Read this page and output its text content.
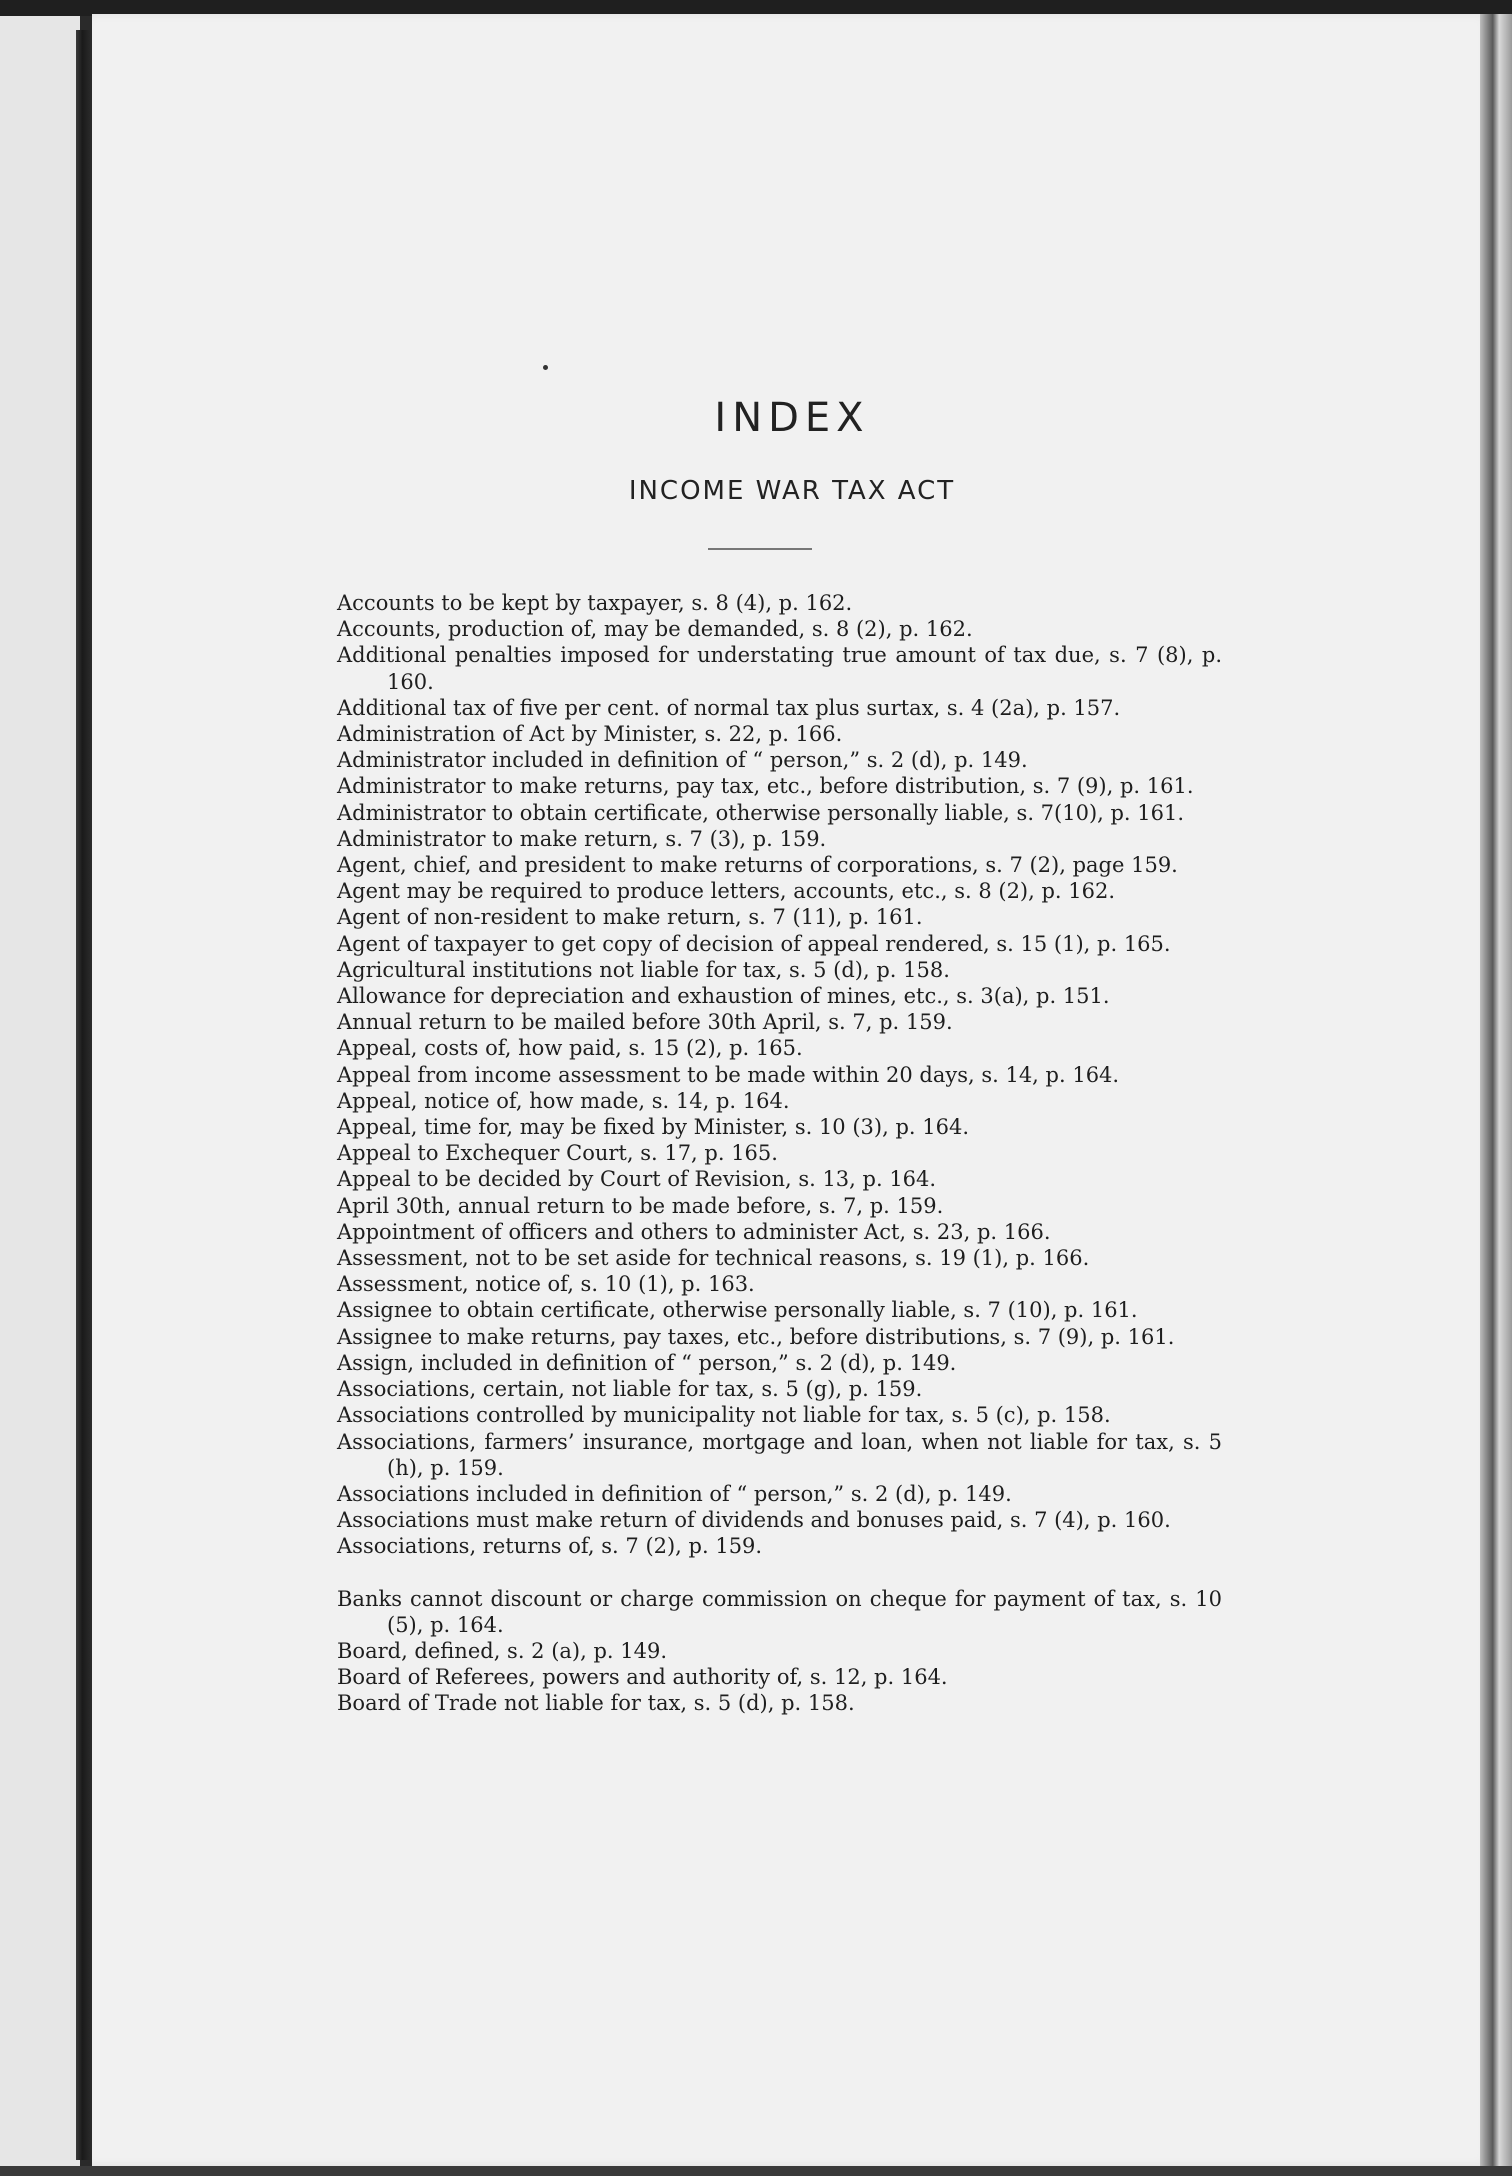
INDEX
INCOME WAR TAX ACT
Accounts to be kept by taxpayer, s. 8 (4), p. 162.
Accounts, production of, may be demanded, s. 8 (2), p. 162.
Additional penalties imposed for understating true amount of tax due, s. 7 (8), p. 160.
Additional tax of five per cent. of normal tax plus surtax, s. 4 (2a), p. 157.
Administration of Act by Minister, s. 22, p. 166.
Administrator included in definition of “ person,” s. 2 (d), p. 149.
Administrator to make returns, pay tax, etc., before distribution, s. 7 (9), p. 161.
Administrator to obtain certificate, otherwise personally liable, s. 7(10), p. 161.
Administrator to make return, s. 7 (3), p. 159.
Agent, chief, and president to make returns of corporations, s. 7 (2), page 159.
Agent may be required to produce letters, accounts, etc., s. 8 (2), p. 162.
Agent of non-resident to make return, s. 7 (11), p. 161.
Agent of taxpayer to get copy of decision of appeal rendered, s. 15 (1), p. 165.
Agricultural institutions not liable for tax, s. 5 (d), p. 158.
Allowance for depreciation and exhaustion of mines, etc., s. 3(a), p. 151.
Annual return to be mailed before 30th April, s. 7, p. 159.
Appeal, costs of, how paid, s. 15 (2), p. 165.
Appeal from income assessment to be made within 20 days, s. 14, p. 164.
Appeal, notice of, how made, s. 14, p. 164.
Appeal, time for, may be fixed by Minister, s. 10 (3), p. 164.
Appeal to Exchequer Court, s. 17, p. 165.
Appeal to be decided by Court of Revision, s. 13, p. 164.
April 30th, annual return to be made before, s. 7, p. 159.
Appointment of officers and others to administer Act, s. 23, p. 166.
Assessment, not to be set aside for technical reasons, s. 19 (1), p. 166.
Assessment, notice of, s. 10 (1), p. 163.
Assignee to obtain certificate, otherwise personally liable, s. 7 (10), p. 161.
Assignee to make returns, pay taxes, etc., before distributions, s. 7 (9), p. 161.
Assign, included in definition of “ person,” s. 2 (d), p. 149.
Associations, certain, not liable for tax, s. 5 (g), p. 159.
Associations controlled by municipality not liable for tax, s. 5 (c), p. 158.
Associations, farmers’ insurance, mortgage and loan, when not liable for tax, s. 5 (h), p. 159.
Associations included in definition of “ person,” s. 2 (d), p. 149.
Associations must make return of dividends and bonuses paid, s. 7 (4), p. 160.
Associations, returns of, s. 7 (2), p. 159.
Banks cannot discount or charge commission on cheque for payment of tax, s. 10 (5), p. 164.
Board, defined, s. 2 (a), p. 149.
Board of Referees, powers and authority of, s. 12, p. 164.
Board of Trade not liable for tax, s. 5 (d), p. 158.
